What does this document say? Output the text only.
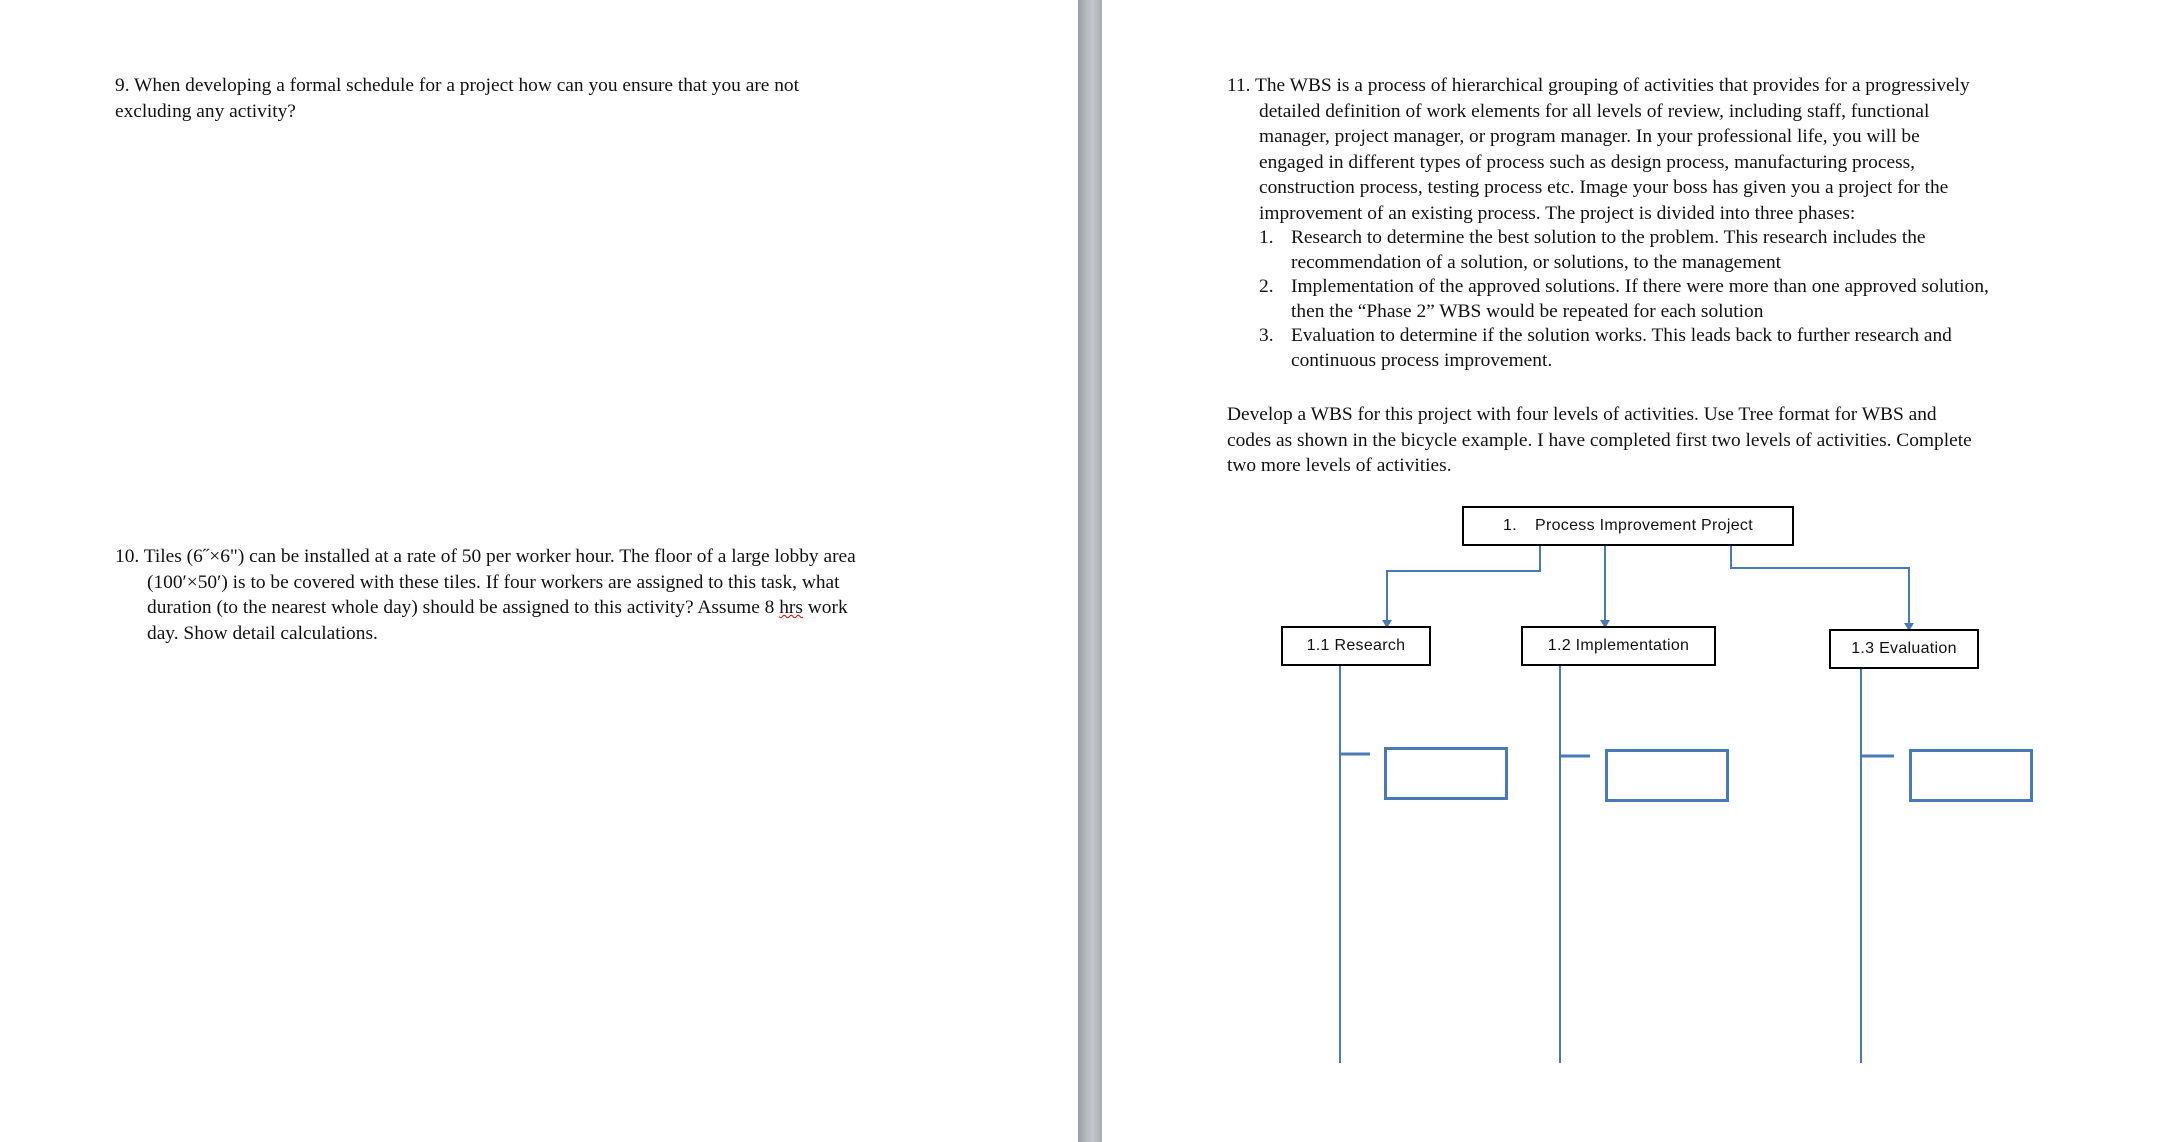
9. When developing a formal schedule for a project how can you ensure that you are not
excluding any activity?
10. Tiles (6˝×6") can be installed at a rate of 50 per worker hour. The floor of a large lobby area
(100′×50′) is to be covered with these tiles. If four workers are assigned to this task, what
duration (to the nearest whole day) should be assigned to this activity? Assume 8 hrs work
day. Show detail calculations.
11. The WBS is a process of hierarchical grouping of activities that provides for a progressively
detailed definition of work elements for all levels of review, including staff, functional
manager, project manager, or program manager. In your professional life, you will be
engaged in different types of process such as design process, manufacturing process,
construction process, testing process etc. Image your boss has given you a project for the
improvement of an existing process. The project is divided into three phases:
1. Research to determine the best solution to the problem. This research includes the
recommendation of a solution, or solutions, to the management
2. Implementation of the approved solutions. If there were more than one approved solution,
then the “Phase 2” WBS would be repeated for each solution
3. Evaluation to determine if the solution works. This leads back to further research and
continuous process improvement.
Develop a WBS for this project with four levels of activities. Use Tree format for WBS and
codes as shown in the bicycle example. I have completed first two levels of activities. Complete
two more levels of activities.
1. Process Improvement Project
1.1 Research	1.2 Implementation	1.3 Evaluation
